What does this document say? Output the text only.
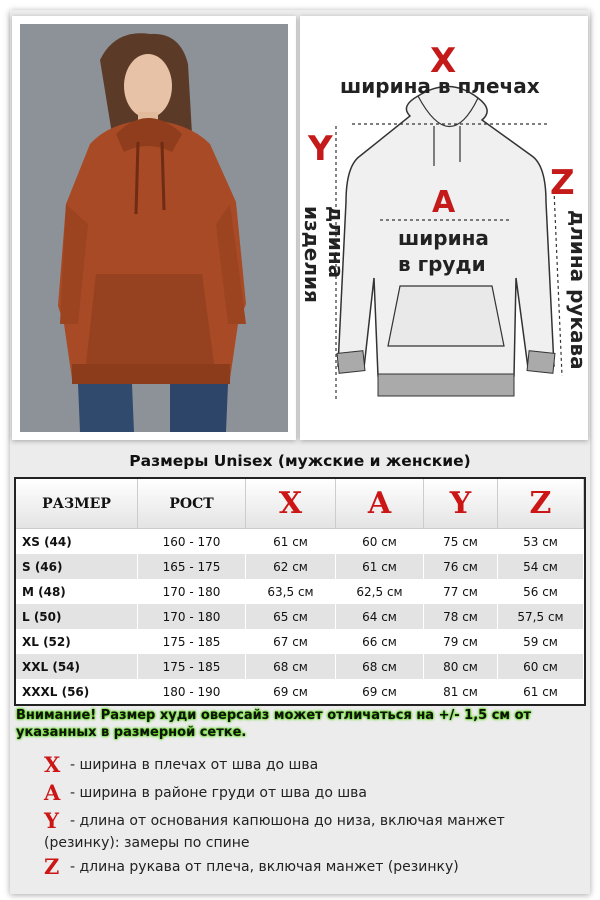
X
ширина в плечах
Y
длина изделия
Z
длина рукава
A
ширина
в груди
Размеры Unisex (мужские и женские)
РАЗМЕР	РОСТ	X	A	Y	Z
XS (44)	160 - 170	61 см	60 см	75 см	53 см
S (46)	165 - 175	62 см	61 см	76 см	54 см
M (48)	170 - 180	63,5 см	62,5 см	77 см	56 см
L (50)	170 - 180	65 см	64 см	78 см	57,5 см
XL (52)	175 - 185	67 см	66 см	79 см	59 см
XXL (54)	175 - 185	68 см	68 см	80 см	60 см
XXXL (56)	180 - 190	69 см	69 см	81 см	61 см
Внимание! Размер худи оверсайз может отличаться на +/- 1,5 см от указанных в размерной сетке.
X - ширина в плечах от шва до шва
A - ширина в районе груди от шва до шва
Y - длина от основания капюшона до низа, включая манжет (резинку): замеры по спине
Z - длина рукава от плеча, включая манжет (резинку)
